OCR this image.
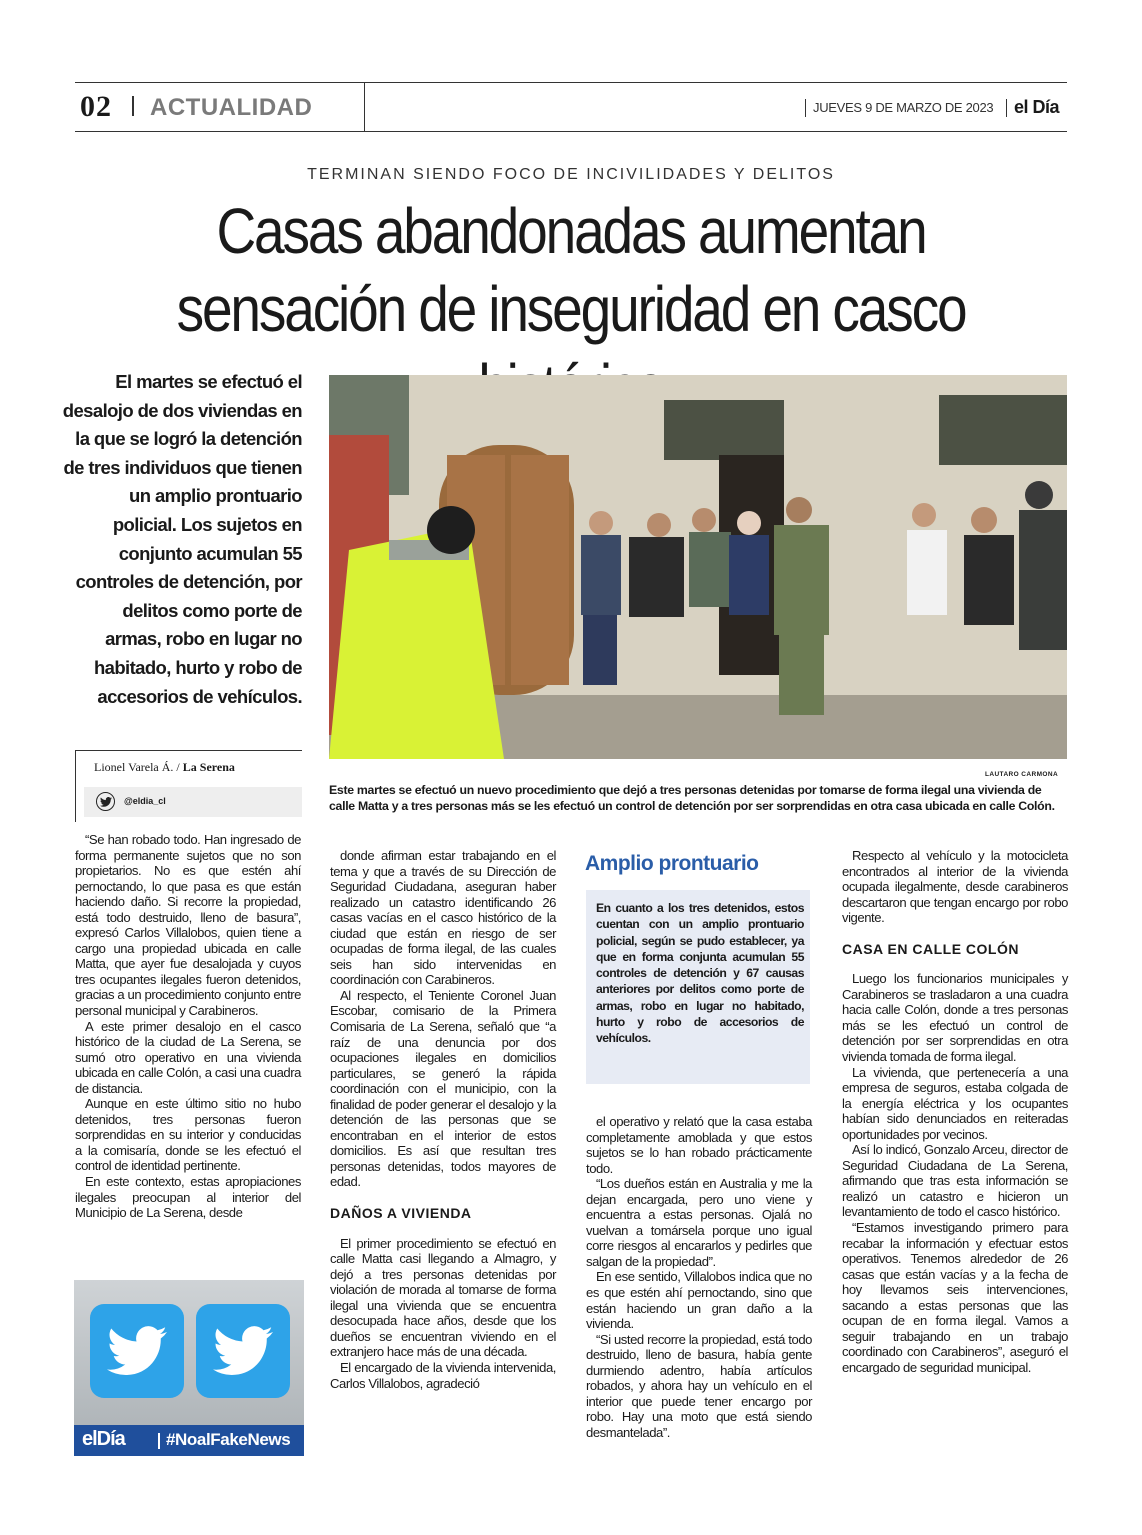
02 ACTUALIDAD	JUEVES 9 DE MARZO DE 2023 el Día
TERMINAN SIENDO FOCO DE INCIVILIDADES Y DELITOS
Casas abandonadas aumentan sensación de inseguridad en casco
El martes se efectuó el desalojo de dos viviendas en la que se logró la detención de tres individuos que tienen un amplio prontuario policial. Los sujetos en conjunto acumulan 55 controles de detención, por delitos como porte de armas, robo en lugar no habitado, hurto y robo de accesorios de vehículos.
LAUTARO CARMONA
Este martes se efectuó un nuevo procedimiento que dejó a tres personas detenidas por tomarse de forma ilegal una vivienda de calle Matta y a tres personas más se les efectuó un control de detención por ser sorprendidas en otra casa ubicada en calle Colón.
Lionel Varela Á. / La Serena
@eldia_cl

“Se han robado todo. Han ingresado de forma permanente sujetos que no son propietarios. No es que estén ahí pernoctando, lo que pasa es que están haciendo daño. Si recorre la propiedad, está todo destruido, lleno de basura”, expresó Carlos Villalobos, quien tiene a cargo una propiedad ubicada en calle Matta, que ayer fue desalojada y cuyos tres ocupantes ilegales fueron detenidos, gracias a un procedimiento conjunto entre personal municipal y Carabineros.

A este primer desalojo en el casco histórico de la ciudad de La Serena, se sumó otro operativo en una vivienda ubicada en calle Colón, a casi una cuadra de distancia.

Aunque en este último sitio no hubo detenidos, tres personas fueron sorprendidas en su interior y conducidas a la comisaría, donde se les efectuó el control de identidad pertinente.

En este contexto, estas apropiaciones ilegales preocupan al interior del Municipio de La Serena, desde

donde afirman estar trabajando en el tema y que a través de su Dirección de Seguridad Ciudadana, aseguran haber realizado un catastro identificando 26 casas vacías en el casco histórico de la ciudad que están en riesgo de ser ocupadas de forma ilegal, de las cuales seis han sido intervenidas en coordinación con Carabineros.

Al respecto, el Teniente Coronel Juan Escobar, comisario de la Primera Comisaria de La Serena, señaló que “a raíz de una denuncia por dos ocupaciones ilegales en domicilios particulares, se generó la rápida coordinación con el municipio, con la finalidad de poder generar el desalojo y la detención de las personas que se encontraban en el interior de estos domicilios. Es así que resultan tres personas detenidas, todos mayores de edad.

DAÑOS A VIVIENDA

El primer procedimiento se efectuó en calle Matta casi llegando a Almagro, y dejó a tres personas detenidas por violación de morada al tomarse de forma ilegal una vivienda que se encuentra desocupada hace años, desde que los dueños se encuentran viviendo en el extranjero hace más de una década.

El encargado de la vivienda intervenida, Carlos Villalobos, agradeció

Amplio prontuario
En cuanto a los tres detenidos, estos cuentan con un amplio prontuario policial, según se pudo establecer, ya que en forma conjunta acumulan 55 controles de detención y 67 causas anteriores por delitos como porte de armas, robo en lugar no habitado, hurto y robo de accesorios de vehículos.

el operativo y relató que la casa estaba completamente amoblada y que estos sujetos se lo han robado prácticamente todo.

“Los dueños están en Australia y me la dejan encargada, pero uno viene y encuentra a estas personas. Ojalá no vuelvan a tomársela porque uno igual corre riesgos al encararlos y pedirles que salgan de la propiedad”.

En ese sentido, Villalobos indica que no es que estén ahí pernoctando, sino que están haciendo un gran daño a la vivienda.

“Si usted recorre la propiedad, está todo destruido, lleno de basura, había gente durmiendo adentro, había artículos robados, y ahora hay un vehículo en el interior que puede tener encargo por robo. Hay una moto que está siendo desmantelada”.

Respecto al vehículo y la motocicleta encontrados al interior de la vivienda ocupada ilegalmente, desde carabineros descartaron que tengan encargo por robo vigente.

CASA EN CALLE COLÓN

Luego los funcionarios municipales y Carabineros se trasladaron a una cuadra hacia calle Colón, donde a tres personas más se les efectuó un control de detención por ser sorprendidas en otra vivienda tomada de forma ilegal.

La vivienda, que pertenecería a una empresa de seguros, estaba colgada de la energía eléctrica y los ocupantes habían sido denunciados en reiteradas oportunidades por vecinos.

Así lo indicó, Gonzalo Arceu, director de Seguridad Ciudadana de La Serena, afirmando que tras esta información se realizó un catastro e hicieron un levantamiento de todo el casco histórico.

“Estamos investigando primero para recabar la información y efectuar estos operativos. Tenemos alrededor de 26 casas que están vacías y a la fecha de hoy llevamos seis intervenciones, sacando a estas personas que las ocupan de en forma ilegal. Vamos a seguir trabajando en un trabajo coordinado con Carabineros”, aseguró el encargado de seguridad municipal.

elDía #NoalFakeNews
